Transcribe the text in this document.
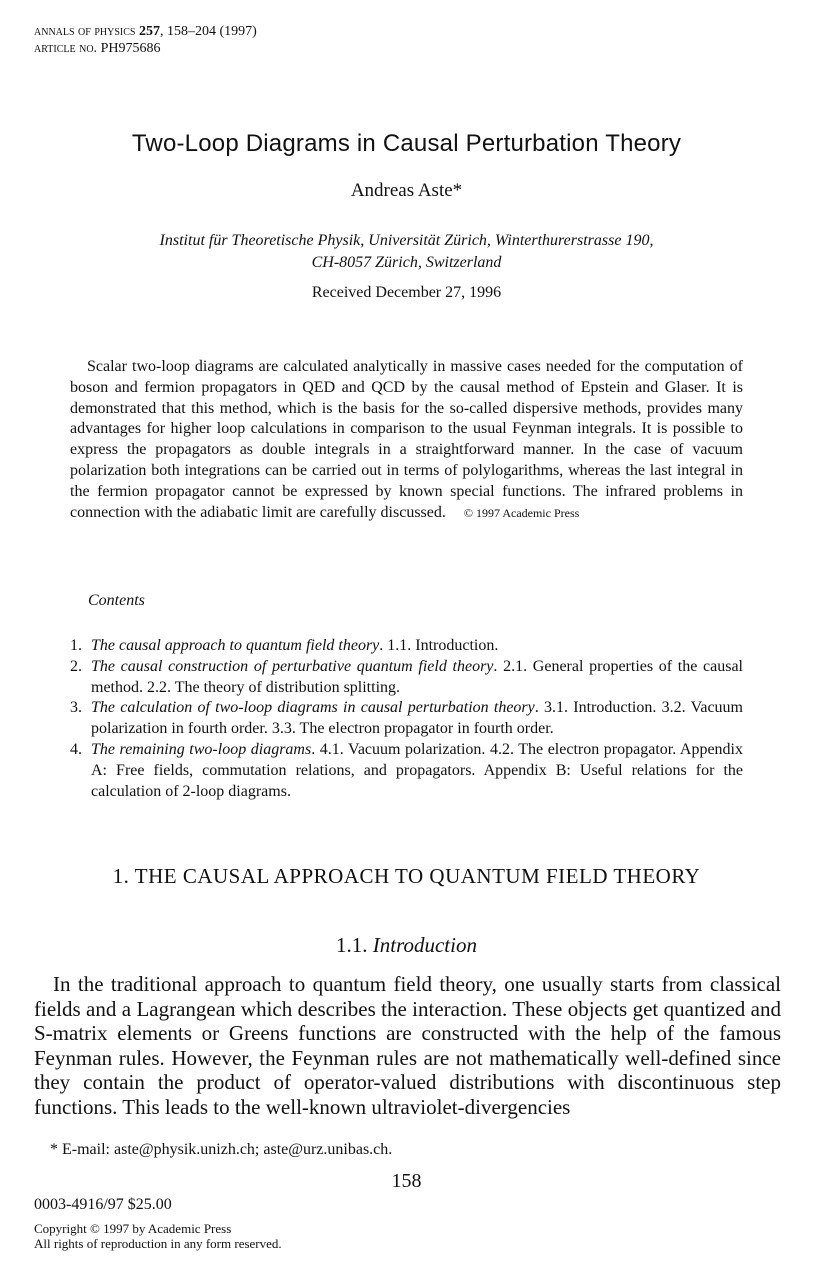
annals of physics 257, 158–204 (1997)
article no. PH975686
Two-Loop Diagrams in Causal Perturbation Theory
Andreas Aste*
Institut für Theoretische Physik, Universität Zürich, Winterthurerstrasse 190,
CH-8057 Zürich, Switzerland
Received December 27, 1996
Scalar two-loop diagrams are calculated analytically in massive cases needed for the computation of boson and fermion propagators in QED and QCD by the causal method of Epstein and Glaser. It is demonstrated that this method, which is the basis for the so-called dispersive methods, provides many advantages for higher loop calculations in comparison to the usual Feynman integrals. It is possible to express the propagators as double integrals in a straightforward manner. In the case of vacuum polarization both integrations can be carried out in terms of polylogarithms, whereas the last integral in the fermion propagator cannot be expressed by known special functions. The infrared problems in connection with the adiabatic limit are carefully discussed. © 1997 Academic Press
Contents
1. The causal approach to quantum field theory. 1.1. Introduction.
2. The causal construction of perturbative quantum field theory. 2.1. General properties of the causal method. 2.2. The theory of distribution splitting.
3. The calculation of two-loop diagrams in causal perturbation theory. 3.1. Introduction. 3.2. Vacuum polarization in fourth order. 3.3. The electron propagator in fourth order.
4. The remaining two-loop diagrams. 4.1. Vacuum polarization. 4.2. The electron propagator. Appendix A: Free fields, commutation relations, and propagators. Appendix B: Useful relations for the calculation of 2-loop diagrams.
1. THE CAUSAL APPROACH TO QUANTUM FIELD THEORY
1.1. Introduction
In the traditional approach to quantum field theory, one usually starts from classical fields and a Lagrangean which describes the interaction. These objects get quantized and S-matrix elements or Greens functions are constructed with the help of the famous Feynman rules. However, the Feynman rules are not mathematically well-defined since they contain the product of operator-valued distributions with discontinuous step functions. This leads to the well-known ultraviolet-divergencies
* E-mail: aste@physik.unizh.ch; aste@urz.unibas.ch.
158
0003-4916/97 $25.00
Copyright © 1997 by Academic Press
All rights of reproduction in any form reserved.
